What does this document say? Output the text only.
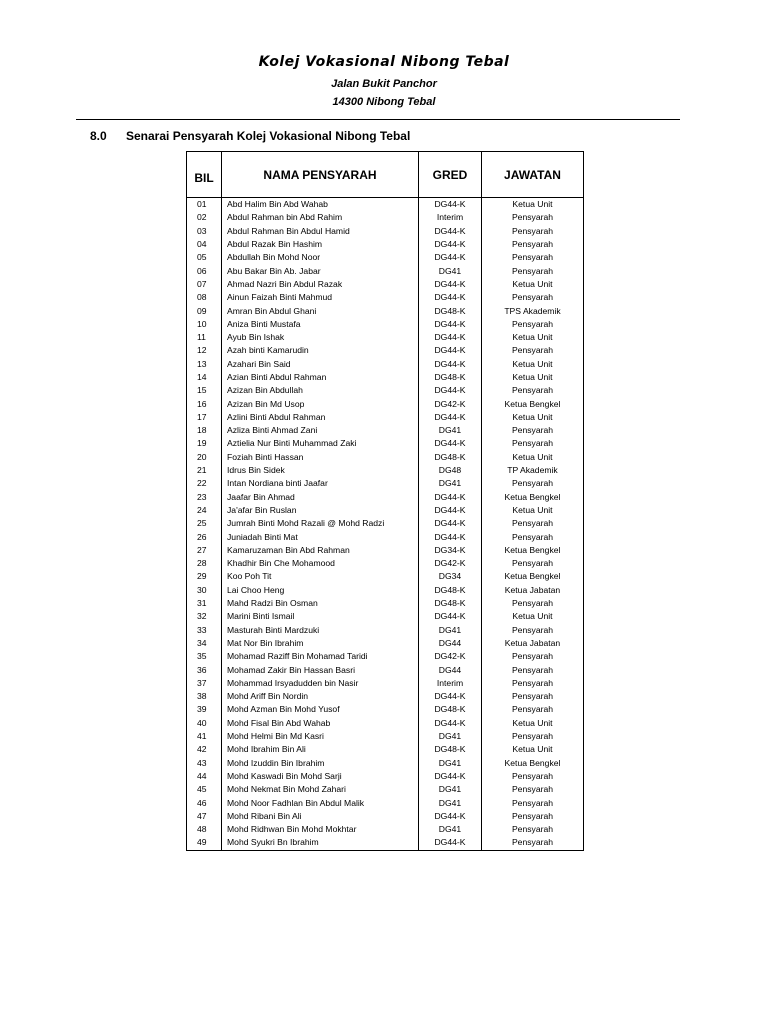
Kolej Vokasional Nibong Tebal
Jalan Bukit Panchor
14300 Nibong Tebal
8.0 Senarai Pensyarah Kolej Vokasional Nibong Tebal
BIL	NAMA PENSYARAH	GRED	JAWATAN
01	Abd Halim Bin Abd Wahab	DG44-K	Ketua Unit
02	Abdul Rahman bin Abd Rahim	Interim	Pensyarah
03	Abdul Rahman Bin Abdul Hamid	DG44-K	Pensyarah
04	Abdul Razak Bin Hashim	DG44-K	Pensyarah
05	Abdullah Bin Mohd Noor	DG44-K	Pensyarah
06	Abu Bakar Bin Ab. Jabar	DG41	Pensyarah
07	Ahmad Nazri Bin Abdul Razak	DG44-K	Ketua Unit
08	Ainun Faizah Binti Mahmud	DG44-K	Pensyarah
09	Amran Bin Abdul Ghani	DG48-K	TPS Akademik
10	Aniza Binti Mustafa	DG44-K	Pensyarah
11	Ayub Bin Ishak	DG44-K	Ketua Unit
12	Azah binti Kamarudin	DG44-K	Pensyarah
13	Azahari Bin Said	DG44-K	Ketua Unit
14	Azian Binti Abdul Rahman	DG48-K	Ketua Unit
15	Azizan Bin Abdullah	DG44-K	Pensyarah
16	Azizan Bin Md Usop	DG42-K	Ketua Bengkel
17	Azlini Binti Abdul Rahman	DG44-K	Ketua Unit
18	Azliza Binti Ahmad Zani	DG41	Pensyarah
19	Aztielia Nur Binti Muhammad Zaki	DG44-K	Pensyarah
20	Foziah Binti Hassan	DG48-K	Ketua Unit
21	Idrus Bin Sidek	DG48	TP Akademik
22	Intan Nordiana binti Jaafar	DG41	Pensyarah
23	Jaafar Bin Ahmad	DG44-K	Ketua Bengkel
24	Ja'afar Bin Ruslan	DG44-K	Ketua Unit
25	Jumrah Binti Mohd Razali @ Mohd Radzi	DG44-K	Pensyarah
26	Juniadah Binti Mat	DG44-K	Pensyarah
27	Kamaruzaman Bin Abd Rahman	DG34-K	Ketua Bengkel
28	Khadhir Bin Che Mohamood	DG42-K	Pensyarah
29	Koo Poh Tit	DG34	Ketua Bengkel
30	Lai Choo Heng	DG48-K	Ketua Jabatan
31	Mahd Radzi Bin Osman	DG48-K	Pensyarah
32	Marini Binti Ismail	DG44-K	Ketua Unit
33	Masturah Binti Mardzuki	DG41	Pensyarah
34	Mat Nor Bin Ibrahim	DG44	Ketua Jabatan
35	Mohamad Raziff Bin Mohamad Taridi	DG42-K	Pensyarah
36	Mohamad Zakir Bin Hassan Basri	DG44	Pensyarah
37	Mohammad Irsyadudden bin Nasir	Interim	Pensyarah
38	Mohd Ariff Bin Nordin	DG44-K	Pensyarah
39	Mohd Azman Bin Mohd Yusof	DG48-K	Pensyarah
40	Mohd Fisal Bin Abd Wahab	DG44-K	Ketua Unit
41	Mohd Helmi Bin Md Kasri	DG41	Pensyarah
42	Mohd Ibrahim Bin Ali	DG48-K	Ketua Unit
43	Mohd Izuddin Bin Ibrahim	DG41	Ketua Bengkel
44	Mohd Kaswadi Bin Mohd Sarji	DG44-K	Pensyarah
45	Mohd Nekmat Bin Mohd Zahari	DG41	Pensyarah
46	Mohd Noor Fadhlan Bin Abdul Malik	DG41	Pensyarah
47	Mohd Ribani Bin Ali	DG44-K	Pensyarah
48	Mohd Ridhwan Bin Mohd Mokhtar	DG41	Pensyarah
49	Mohd Syukri Bn Ibrahim	DG44-K	Pensyarah
